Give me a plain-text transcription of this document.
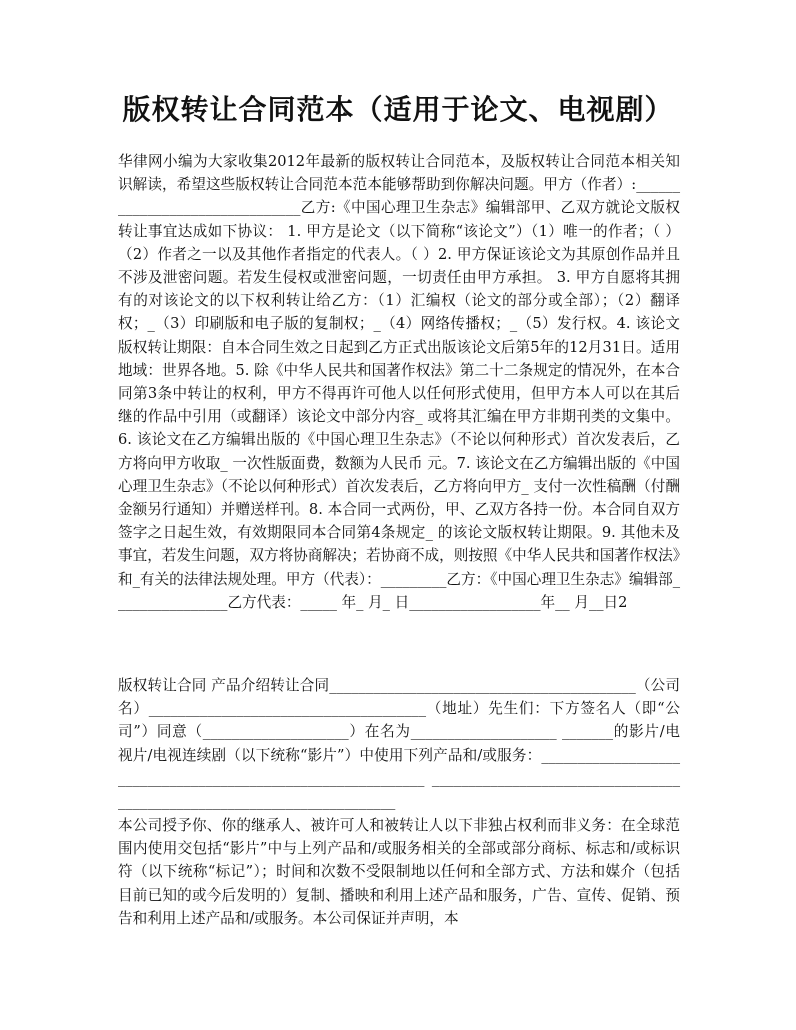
版权转让合同范本（适用于论文、电视剧）

华律网小编为大家收集2012年最新的版权转让合同范本，及版权转让合同范本相关知识解读，希望这些版权转让合同范本范本能够帮助到你解决问题。甲方（作者）:_______________________________乙方:《中国心理卫生杂志》编辑部甲、乙双方就论文版权转让事宜达成如下协议： 1. 甲方是论文（以下简称“该论文”）（1）唯一的作者；（ ）（2）作者之一以及其他作者指定的代表人。（ ）2. 甲方保证该论文为其原创作品并且不涉及泄密问题。若发生侵权或泄密问题，一切责任由甲方承担。 3. 甲方自愿将其拥有的对该论文的以下权利转让给乙方：（1）汇编权（论文的部分或全部）；（2）翻译权；_（3）印刷版和电子版的复制权；_（4）网络传播权；_（5）发行权。4. 该论文版权转让期限：自本合同生效之日起到乙方正式出版该论文后第5年的12月31日。适用地域：世界各地。5. 除《中华人民共和国著作权法》第二十二条规定的情况外，在本合同第3条中转让的权利，甲方不得再许可他人以任何形式使用，但甲方本人可以在其后继的作品中引用（或翻译）该论文中部分内容_ 或将其汇编在甲方非期刊类的文集中。6. 该论文在乙方编辑出版的《中国心理卫生杂志》（不论以何种形式）首次发表后，乙方将向甲方收取_ 一次性版面费，数额为人民币 元。7. 该论文在乙方编辑出版的《中国心理卫生杂志》（不论以何种形式）首次发表后，乙方将向甲方_ 支付一次性稿酬（付酬金额另行通知）并赠送样刊。8. 本合同一式两份，甲、乙双方各持一份。本合同自双方签字之日起生效，有效期限同本合同第4条规定_ 的该论文版权转让期限。9. 其他未及事宜，若发生问题，双方将协商解决；若协商不成，则按照《中华人民共和国著作权法》和_有关的法律法规处理。甲方（代表）：_________乙方：《中国心理卫生杂志》编辑部________________乙方代表：_____ 年_ 月_ 日__________________年__ 月__日2

版权转让合同 产品介绍转让合同__________________________________________（公司名）______________________________________（地址）先生们：下方签名人（即“公司”）同意（____________________）在名为____________________ _______的影片/电视片/电视连续剧（以下统称“影片”）中使用下列产品和/或服务：_____________________________________________________________ ________________________________________________________________________

本公司授予你、你的继承人、被许可人和被转让人以下非独占权利而非义务：在全球范围内使用交包括“影片”中与上列产品和/或服务相关的全部或部分商标、标志和/或标识符（以下统称“标记”）；时间和次数不受限制地以任何和全部方式、方法和媒介（包括目前已知的或今后发明的）复制、播映和利用上述产品和服务，广告、宣传、促销、预告和利用上述产品和/或服务。本公司保证并声明，本
